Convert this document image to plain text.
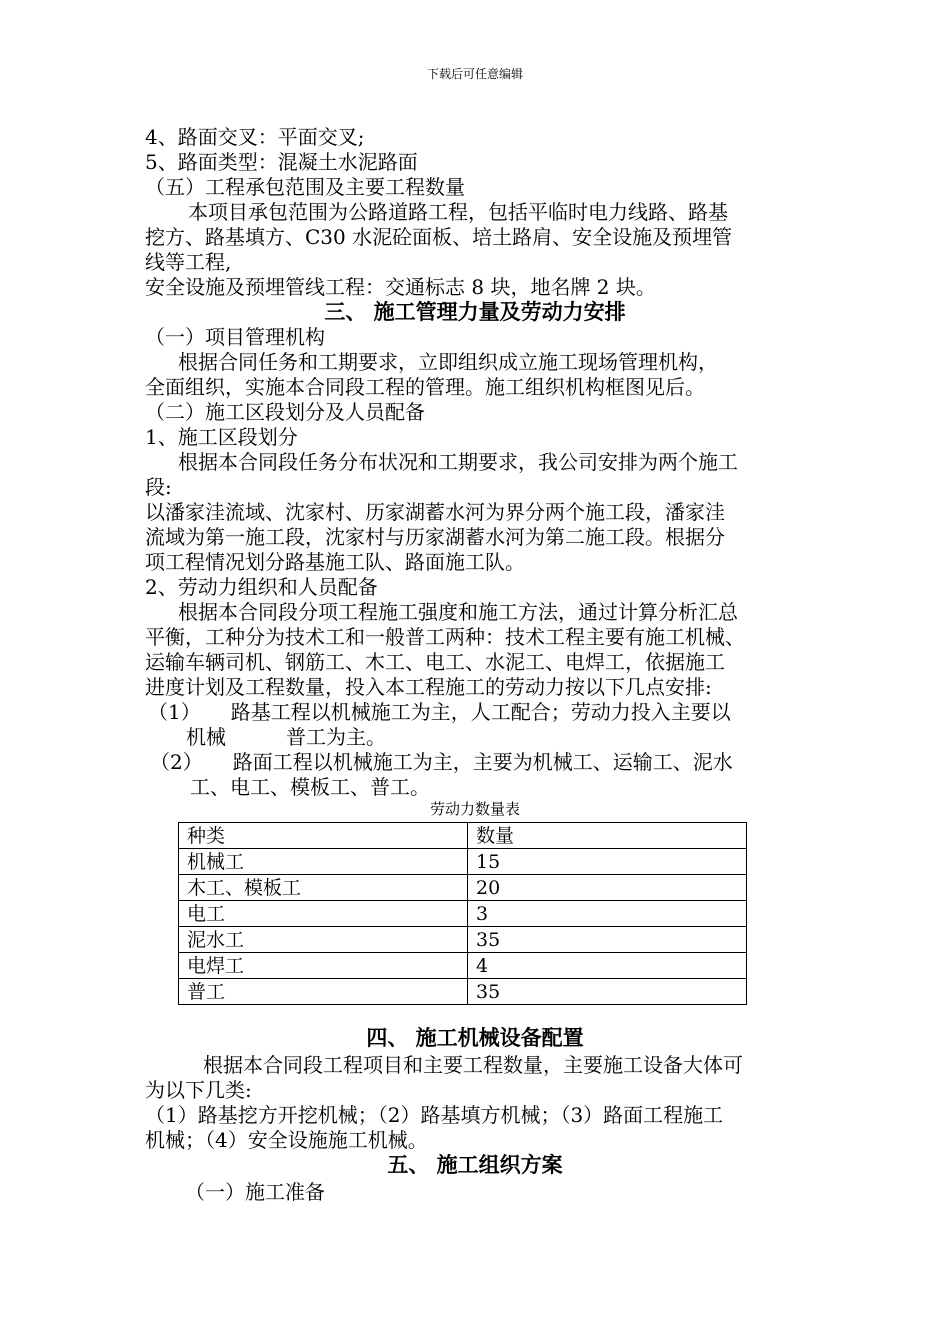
下载后可任意编辑
4、路面交叉：平面交叉;
5、路面类型：混凝土水泥路面
（五）工程承包范围及主要工程数量
本项目承包范围为公路道路工程，包括平临时电力线路、路基
挖方、路基填方、C30 水泥砼面板、培土路肩、安全设施及预埋管
线等工程,
安全设施及预埋管线工程：交通标志 8 块，地名牌 2 块。
三、 施工管理力量及劳动力安排
（一）项目管理机构
根据合同任务和工期要求，立即组织成立施工现场管理机构，
全面组织，实施本合同段工程的管理。施工组织机构框图见后。
（二）施工区段划分及人员配备
1、施工区段划分
根据本合同段任务分布状况和工期要求，我公司安排为两个施工
段:
以潘家洼流域、沈家村、历家湖蓄水河为界分两个施工段，潘家洼
流域为第一施工段，沈家村与历家湖蓄水河为第二施工段。根据分
项工程情况划分路基施工队、路面施工队。
2、劳动力组织和人员配备
根据本合同段分项工程施工强度和施工方法，通过计算分析汇总
平衡，工种分为技术工和一般普工两种：技术工程主要有施工机械、
运输车辆司机、钢筋工、木工、电工、水泥工、电焊工，依据施工
进度计划及工程数量，投入本工程施工的劳动力按以下几点安排:
（1）　　路基工程以机械施工为主，人工配合；劳动力投入主要以
机械　　　普工为主。
（2）　　路面工程以机械施工为主，主要为机械工、运输工、泥水
工、电工、模板工、普工。
劳动力数量表
种类	数量
机械工	15
木工、模板工	20
电工	3
泥水工	35
电焊工	4
普工	35
四、 施工机械设备配置
根据本合同段工程项目和主要工程数量，主要施工设备大体可
为以下几类:
（1）路基挖方开挖机械；（2）路基填方机械；（3）路面工程施工
机械；（4）安全设施施工机械。
五、 施工组织方案
（一）施工准备
